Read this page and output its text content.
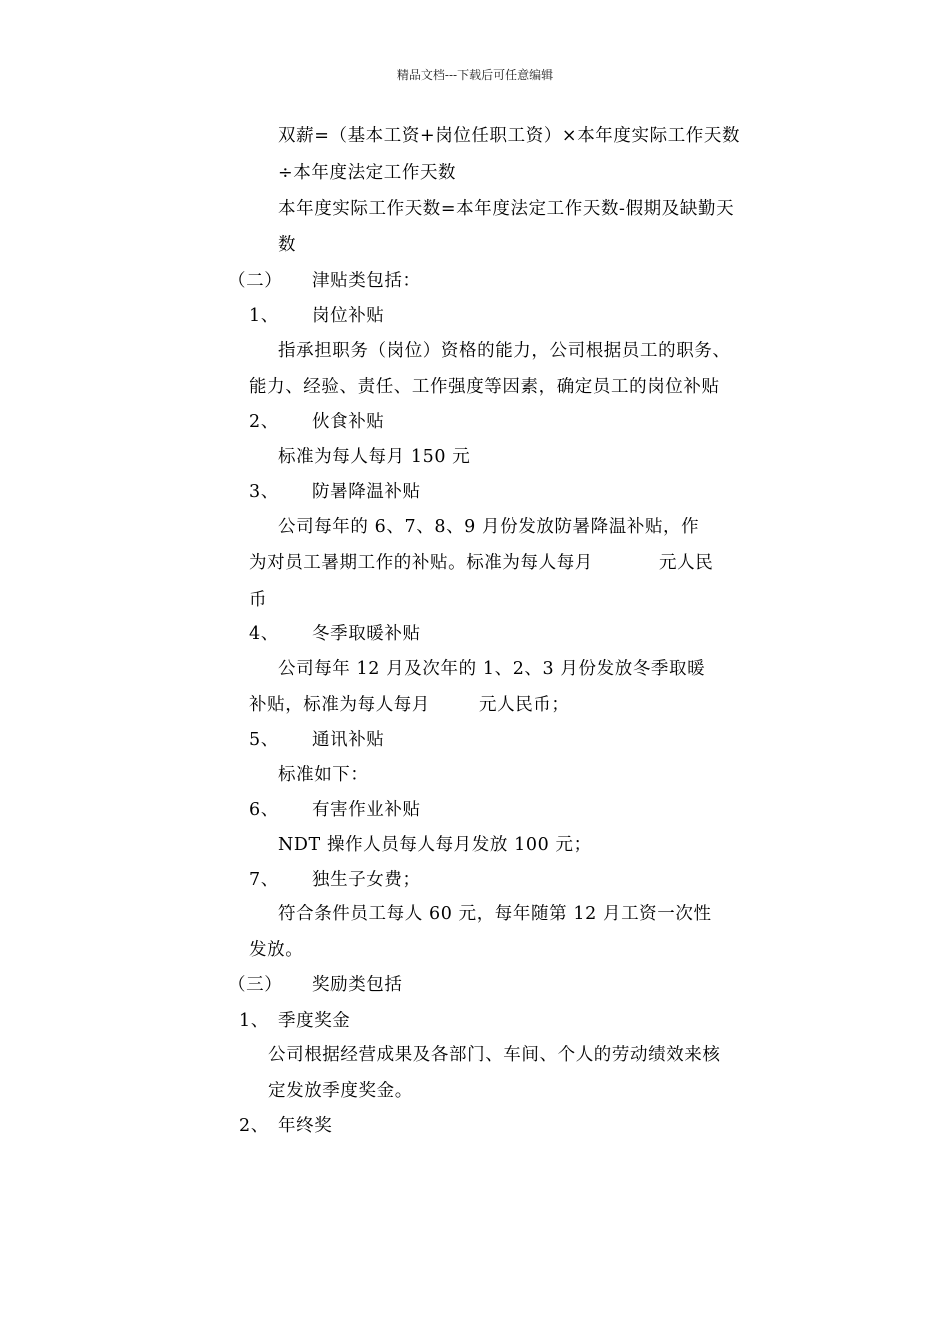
精品文档---下载后可任意编辑
双薪=（基本工资+岗位任职工资）×本年度实际工作天数
÷本年度法定工作天数
本年度实际工作天数=本年度法定工作天数-假期及缺勤天
数
（二） 津贴类包括：
1、 岗位补贴
指承担职务（岗位）资格的能力，公司根据员工的职务、
能力、经验、责任、工作强度等因素，确定员工的岗位补贴
2、 伙食补贴
标准为每人每月 150 元
3、 防暑降温补贴
公司每年的 6、7、8、9 月份发放防暑降温补贴，作
为对员工暑期工作的补贴。标准为每人每月	元人民
币
4、 冬季取暖补贴
公司每年 12 月及次年的 1、2、3 月份发放冬季取暖
补贴，标准为每人每月	元人民币；
5、 通讯补贴
标准如下：
6、 有害作业补贴
NDT 操作人员每人每月发放 100 元；
7、 独生子女费；
符合条件员工每人 60 元，每年随第 12 月工资一次性
发放。
（三） 奖励类包括
1、 季度奖金
公司根据经营成果及各部门、车间、个人的劳动绩效来核
定发放季度奖金。
2、 年终奖
